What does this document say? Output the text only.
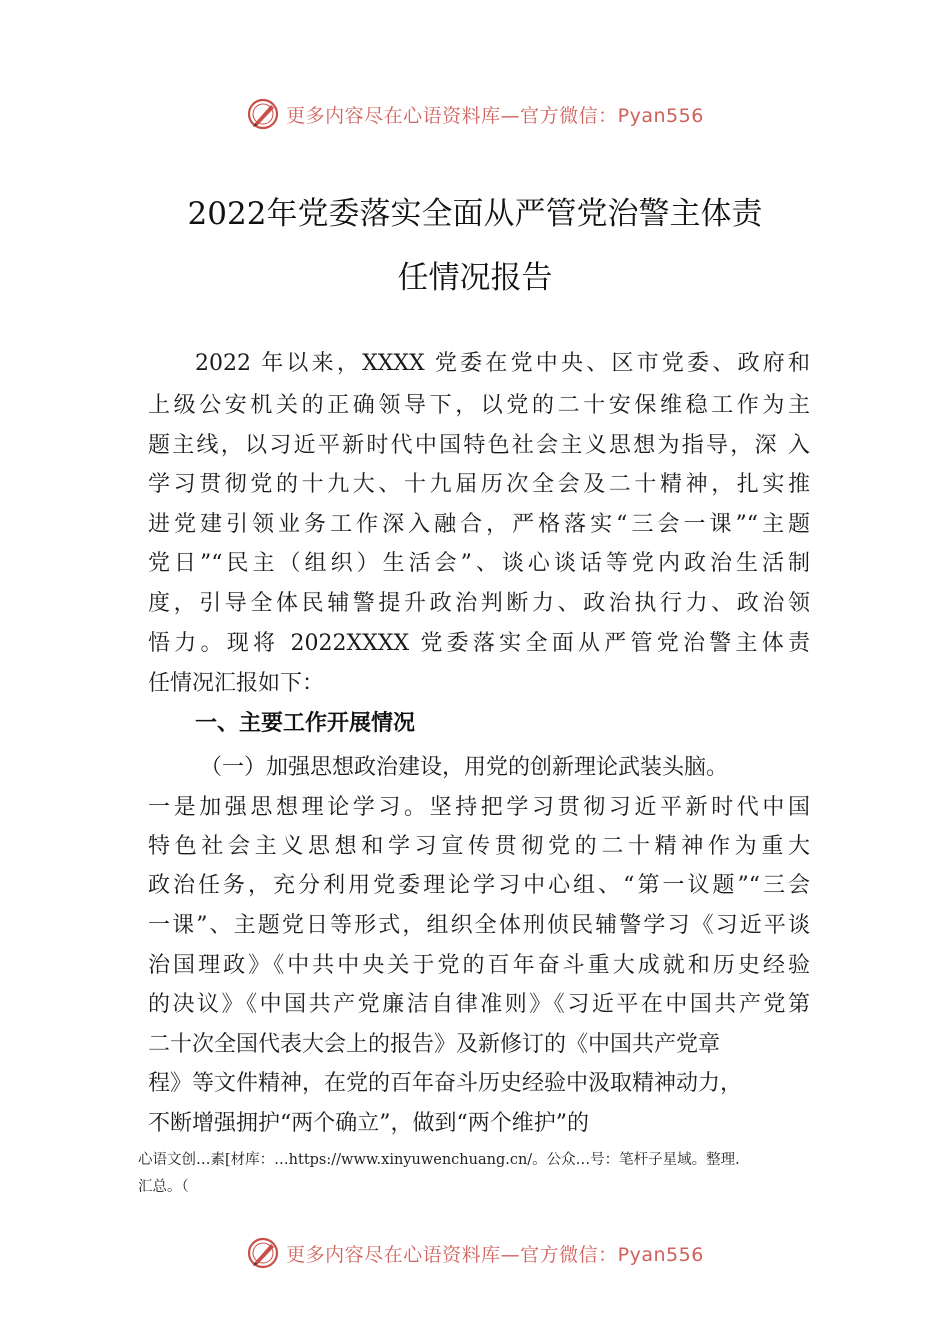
更多内容尽在心语资料库—官方微信：Pyan556
2022年党委落实全面从严管党治警主体责
任情况报告
2022 年以来，XXXX 党委在党中央、区市党委、政府和
上级公安机关的正确领导下，以党的二十安保维稳工作为主
题主线，以习近平新时代中国特色社会主义思想为指导，深 入
学习贯彻党的十九大、十九届历次全会及二十精神，扎实推
进党建引领业务工作深入融合，严格落实“三会一课”“主题
党日”“民主（组织）生活会”、谈心谈话等党内政治生活制
度，引导全体民辅警提升政治判断力、政治执行力、政治领
悟力。现将 2022XXXX 党委落实全面从严管党治警主体责
任情况汇报如下：
一、主要工作开展情况
（一）加强思想政治建设，用党的创新理论武装头脑。
一是加强思想理论学习。坚持把学习贯彻习近平新时代中国
特色社会主义思想和学习宣传贯彻党的二十精神作为重大
政治任务，充分利用党委理论学习中心组、“第一议题”“三会
一课”、主题党日等形式，组织全体刑侦民辅警学习《习近平谈
治国理政》《中共中央关于党的百年奋斗重大成就和历史经验
的决议》《中国共产党廉洁自律准则》《习近平在中国共产党第
二十次全国代表大会上的报告》及新修订的《中国共产党章
程》等文件精神，在党的百年奋斗历史经验中汲取精神动力，
不断增强拥护“两个确立”，做到“两个维护”的
心语文创…素[材库：…https://www.xinyuwenchuang.cn/。公众…号：笔杆子星域。整理.
汇总。（
更多内容尽在心语资料库—官方微信：Pyan556
